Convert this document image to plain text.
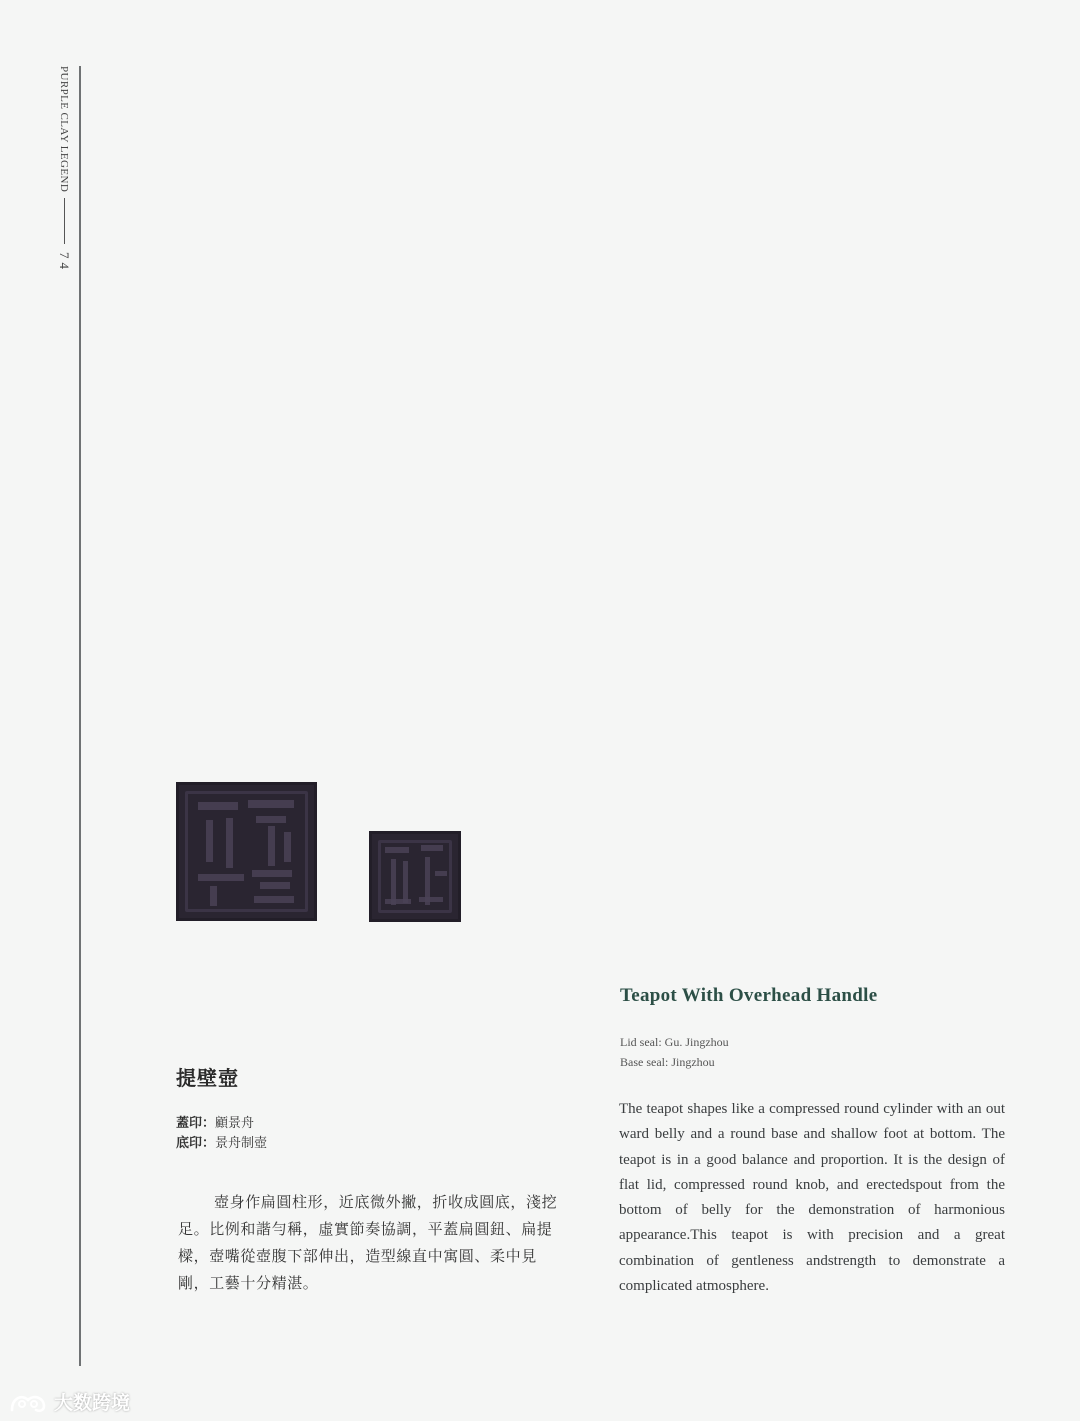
PURPLE CLAY LEGEND
74
提壁壺
蓋印：顧景舟
底印：景舟制壺
壺身作扁圓柱形，近底微外撇，折收成圓底，淺挖足。比例和諧勻稱，虛實節奏協調，平蓋扁圓鈕、扁提樑，壺嘴從壺腹下部伸出，造型線直中寓圓、柔中見剛，工藝十分精湛。
Teapot With Overhead Handle
Lid seal: Gu. Jingzhou
Base seal: Jingzhou
The teapot shapes like a compressed round cylinder with an out ward belly and a round base and shallow foot at bottom. The teapot is in a good balance and proportion. It is the design of flat lid, compressed round knob, and erectedspout from the bottom of belly for the demonstration of harmonious appearance.This teapot is with precision and a great combination of gentleness andstrength to demonstrate a complicated atmosphere.
大数跨境
